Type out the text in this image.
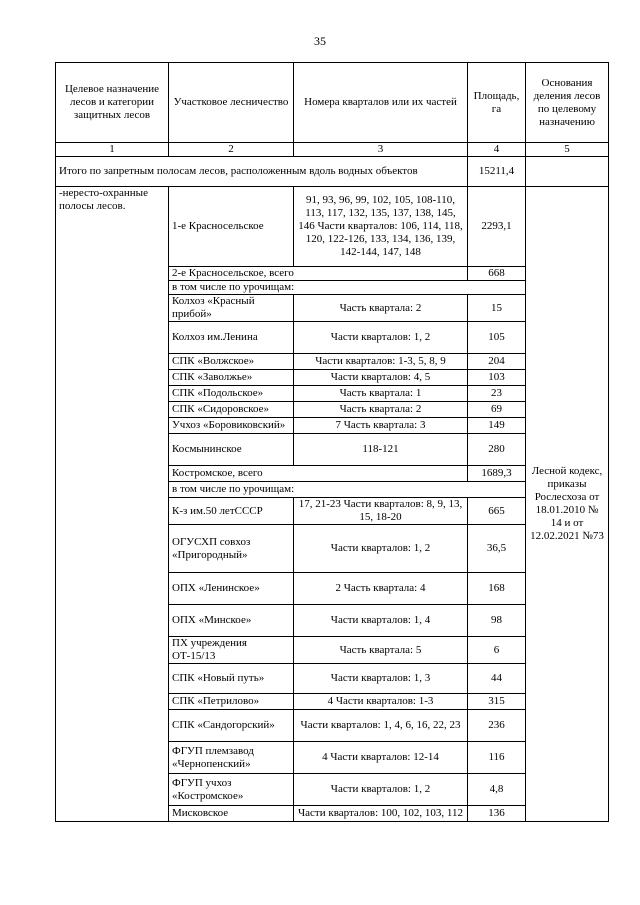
35
Целевое назначение лесов и категории защитных лесов	Участковое лесничество	Номера кварталов или их частей	Площадь, га	Основания деления лесов по целевому назначению
1	2	3	4	5
Итого по запретным полосам лесов, расположенным вдоль водных объектов			15211,4	
-нересто-охранные полосы лесов.	1-е Красносельское	91, 93, 96, 99, 102, 105, 108-110, 113, 117, 132, 135, 137, 138, 145, 146 Части кварталов: 106, 114, 118, 120, 122-126, 133, 134, 136, 139, 142-144, 147, 148	2293,1	Лесной кодекс, приказы Рослесхоза от 18.01.2010 № 14 и от 12.02.2021 №73
	2-е Красносельское, всего		668	
	в том числе по урочищам:			
	Колхоз «Красный прибой»	Часть квартала: 2	15	
	Колхоз им.Ленина	Части кварталов: 1, 2	105	
	СПК «Волжское»	Части кварталов: 1-3, 5, 8, 9	204	
	СПК «Заволжье»	Части кварталов: 4, 5	103	
	СПК «Подольское»	Часть квартала: 1	23	
	СПК «Сидоровское»	Часть квартала: 2	69	
	Учхоз «Боровиковский»	7 Часть квартала: 3	149	
	Космынинское	118-121	280	
	Костромское, всего		1689,3	
	в том числе по урочищам:			
	К-з им.50 летСССР	17, 21-23 Части кварталов: 8, 9, 13, 15, 18-20	665	
	ОГУСХП совхоз «Пригородный»	Части кварталов: 1, 2	36,5	
	ОПХ «Ленинское»	2 Часть квартала: 4	168	
	ОПХ «Минское»	Части кварталов: 1, 4	98	
	ПХ учреждения ОТ-15/13	Часть квартала: 5	6	
	СПК «Новый путь»	Части кварталов: 1, 3	44	
	СПК «Петрилово»	4 Части кварталов: 1-3	315	
	СПК «Сандогорский»	Части кварталов: 1, 4, 6, 16, 22, 23	236	
	ФГУП племзавод «Чернопенский»	4 Части кварталов: 12-14	116	
	ФГУП учхоз «Костромское»	Части кварталов: 1, 2	4,8	
	Мисковское	Части кварталов: 100, 102, 103, 112	136	
